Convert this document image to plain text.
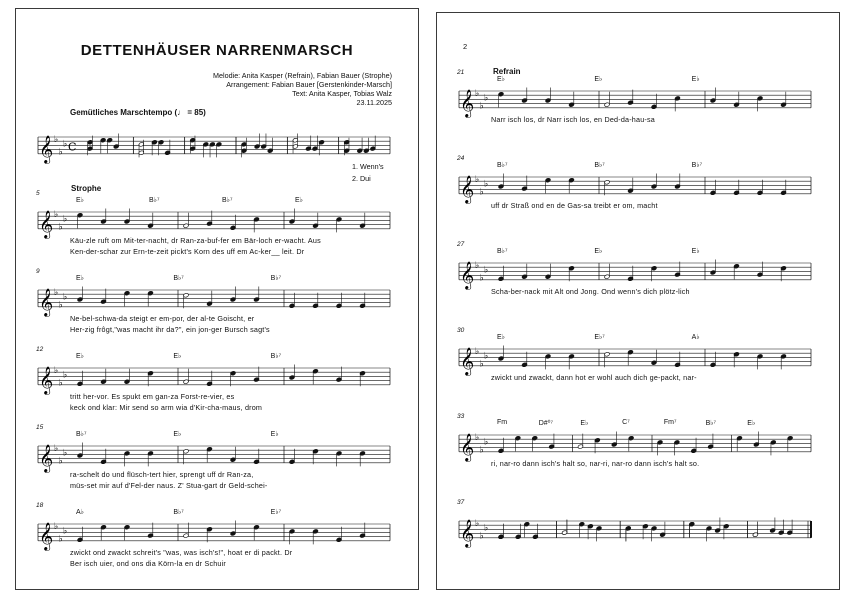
DETTENHÄUSER NARRENMARSCH
Melodie: Anita Kasper (Refrain), Fabian Bauer (Strophe)
Arrangement: Fabian Bauer [Gerstenkinder-Marsch]
Text: Anita Kasper, Tobias Walz
23.11.2025
Gemütliches Marschtempo (♩ = 85)
𝄞 ♭
♭
♭ C
1. Wenn's
2. Dui
Strophe
5
E♭	B♭⁷	B♭⁷	E♭
𝄞 ♭
♭
♭
Käu-zle ruft om Mit-ter-nacht, dr Ran-za-buf-fer em Bär-loch er-wacht. Aus
Ken-der-schar zur Ern-te-zeit pickt's Korn des uff em Ac-ker__ leit. Dr
9
E♭	B♭⁷	B♭⁷
𝄞 ♭
♭
♭
Ne-bel-schwa-da steigt er em-por, der al-te Goischt, er
Her-zig frôgt,"was macht ihr da?", ein jon-ger Bursch sagt's
12
E♭	E♭	B♭⁷
𝄞 ♭
♭
♭
tritt her-vor. Es spukt em gan-za Forst-re-vier, es
keck ond klar: Mir send so arm wia d'Kir-cha-maus, drom
15
B♭⁷	E♭	E♭
𝄞 ♭
♭
♭
ra-schelt do und flüsch-tert hier, sprengt uff dr Ran-za,
müs-set mir auf d'Fel-der naus. Z' Stua-gart dr Geld-schei-
18
A♭	B♭⁷	E♭⁷
𝄞 ♭
♭
♭
zwickt ond zwackt schreit's "was, was isch's!", hoat er di packt. Dr
Ber isch uier, ond ons dia Körn-la en dr Schuir
2
Refrain
21
E♭	E♭	E♭
𝄞 ♭
♭
♭
Narr isch los, dr Narr isch los, en Ded-da-hau-sa
24
B♭⁷	B♭⁷	B♭⁷
𝄞 ♭
♭
♭
uff dr Straß ond en de Gas-sa treibt er om, macht
27
B♭⁷	E♭	E♭
𝄞 ♭
♭
♭
Scha-ber-nack mit Alt ond Jong. Ond wenn's dich plötz-lich
30
E♭	E♭⁷	A♭
𝄞 ♭
♭
♭
zwickt und zwackt, dann hot er wohl auch dich ge-packt, nar-
33
Fm	D#⁰⁷	E♭	C⁷	Fm⁷	B♭⁷	E♭
𝄞 ♭
♭
♭
ri, nar-ro dann isch's halt so, nar-ri, nar-ro dann isch's halt so.
37
𝄞 ♭
♭
♭
